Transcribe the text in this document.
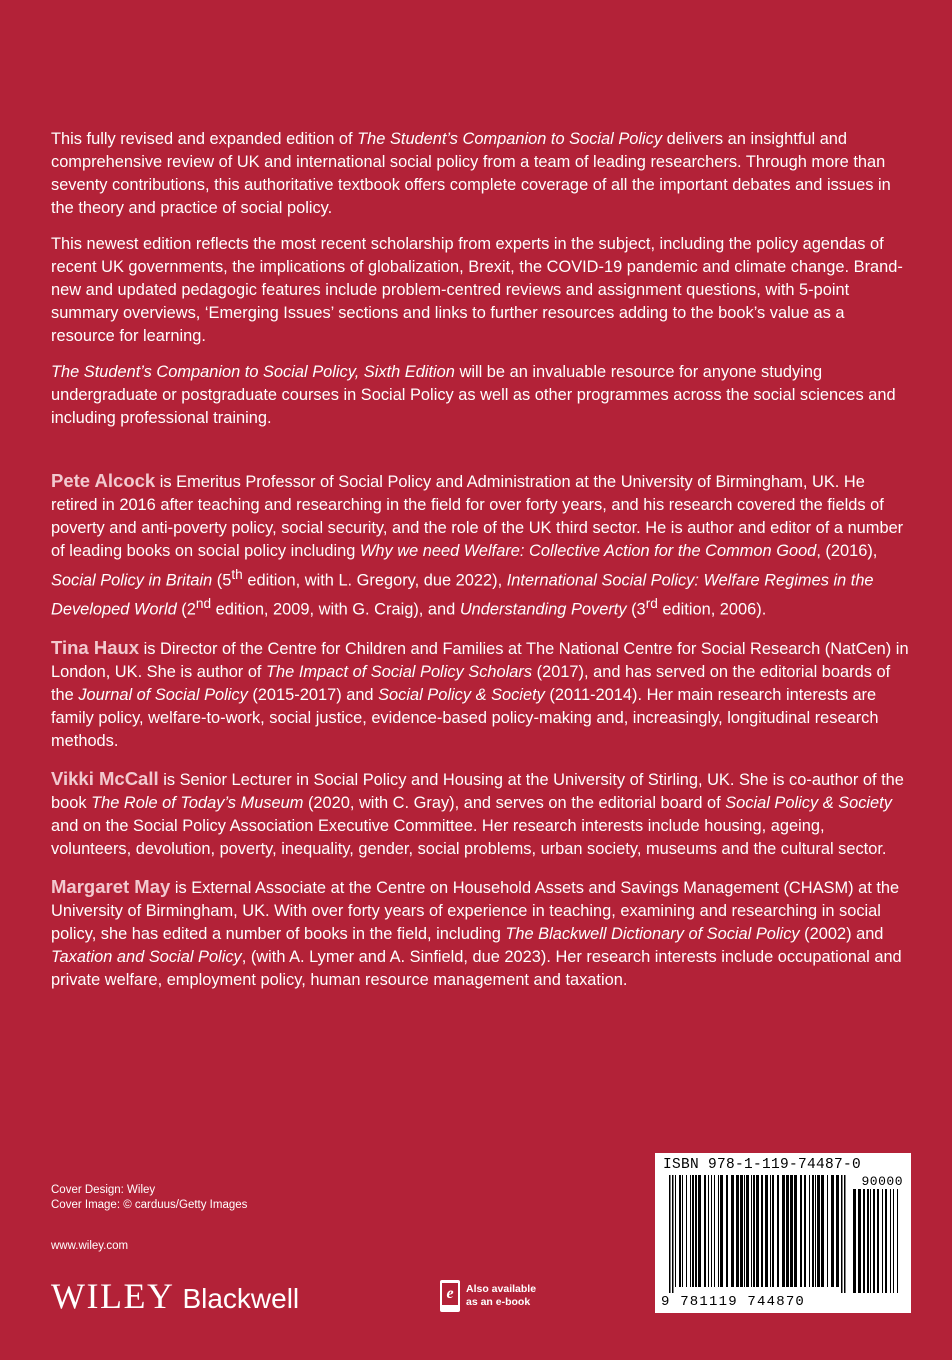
This fully revised and expanded edition of The Student’s Companion to Social Policy delivers an insightful and comprehensive review of UK and international social policy from a team of leading researchers. Through more than seventy contributions, this authoritative textbook offers complete coverage of all the important debates and issues in the theory and practice of social policy.

This newest edition reflects the most recent scholarship from experts in the subject, including the policy agendas of recent UK governments, the implications of globalization, Brexit, the COVID-19 pandemic and climate change. Brand-new and updated pedagogic features include problem-centred reviews and assignment questions, with 5-point summary overviews, ‘Emerging Issues’ sections and links to further resources adding to the book’s value as a resource for learning.

The Student’s Companion to Social Policy, Sixth Edition will be an invaluable resource for anyone studying undergraduate or postgraduate courses in Social Policy as well as other programmes across the social sciences and including professional training.

Pete Alcock is Emeritus Professor of Social Policy and Administration at the University of Birmingham, UK. He retired in 2016 after teaching and researching in the field for over forty years, and his research covered the fields of poverty and anti-poverty policy, social security, and the role of the UK third sector. He is author and editor of a number of leading books on social policy including Why we need Welfare: Collective Action for the Common Good, (2016), Social Policy in Britain (5th edition, with L. Gregory, due 2022), International Social Policy: Welfare Regimes in the Developed World (2nd edition, 2009, with G. Craig), and Understanding Poverty (3rd edition, 2006).

Tina Haux is Director of the Centre for Children and Families at The National Centre for Social Research (NatCen) in London, UK. She is author of The Impact of Social Policy Scholars (2017), and has served on the editorial boards of the Journal of Social Policy (2015-2017) and Social Policy & Society (2011-2014). Her main research interests are family policy, welfare-to-work, social justice, evidence-based policy-making and, increasingly, longitudinal research methods.

Vikki McCall is Senior Lecturer in Social Policy and Housing at the University of Stirling, UK. She is co-author of the book The Role of Today’s Museum (2020, with C. Gray), and serves on the editorial board of Social Policy & Society and on the Social Policy Association Executive Committee. Her research interests include housing, ageing, volunteers, devolution, poverty, inequality, gender, social problems, urban society, museums and the cultural sector.

Margaret May is External Associate at the Centre on Household Assets and Savings Management (CHASM) at the University of Birmingham, UK. With over forty years of experience in teaching, examining and researching in social policy, she has edited a number of books in the field, including The Blackwell Dictionary of Social Policy (2002) and Taxation and Social Policy, (with A. Lymer and A. Sinfield, due 2023). Her research interests include occupational and private welfare, employment policy, human resource management and taxation.

Cover Design: Wiley
Cover Image: © carduus/Getty Images
www.wiley.com
WILEY Blackwell	e	Also available
as an e-book
ISBN 978-1-119-74487-0
90000
9 781119 744870
